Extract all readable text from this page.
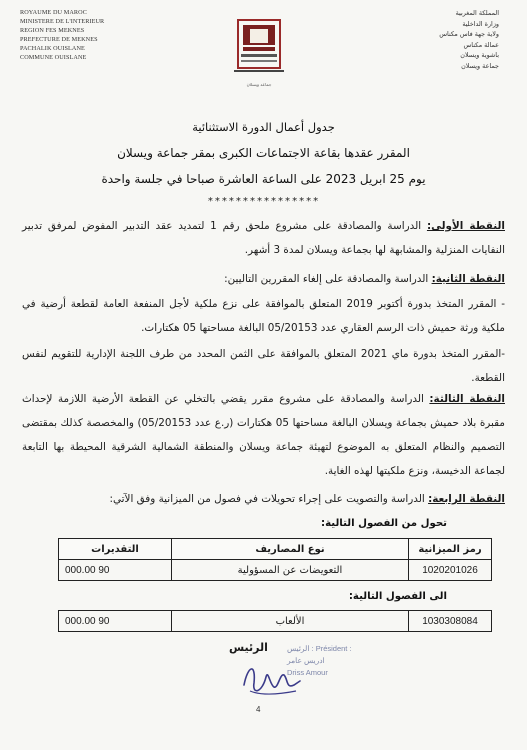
ROYAUME DU MAROC
MINISTERE DE L'INTERIEUR
REGION FES MEKNES
PREFECTURE DE MEKNES
PACHALIK OUISLANE
COMMUNE OUISLANE
جماعة ويسلان
المملكة المغربية
وزارة الداخلية
ولاية جهة فاس مكناس
عمالة مكناس
باشوية ويسلان
جماعة ويسلان
جدول أعمال الدورة الاستثنائية
المقرر عقدها بقاعة الاجتماعات الكبرى بمقر جماعة ويسلان
يوم 25 ابريل 2023 على الساعة العاشرة صباحا في جلسة واحدة
****************
النقطة الأولى: الدراسة والمصادقة على مشروع ملحق رقم 1 لتمديد عقد التدبير المفوض لمرفق تدبير النفايات المنزلية والمشابهة لها بجماعة ويسلان لمدة 3 أشهر.
النقطة الثانية: الدراسة والمصادقة على إلغاء المقررين التاليين:
- المقرر المتخذ بدورة أكتوبر 2019 المتعلق بالموافقة على نزع ملكية لأجل المنفعة العامة لقطعة أرضية في ملكية ورثة حميش ذات الرسم العقاري عدد 05/20153 البالغة مساحتها 05 هكتارات.
-المقرر المتخذ بدورة ماي 2021 المتعلق بالموافقة على الثمن المحدد من طرف اللجنة الإدارية للتقويم لنفس القطعة.
النقطة الثالثة: الدراسة والمصادقة على مشروع مقرر يقضي بالتخلي عن القطعة الأرضية اللازمة لإحداث مقبرة بلاد حميش بجماعة ويسلان البالغة مساحتها 05 هكتارات (ر.ع عدد 05/20153) والمخصصة كذلك بمقتضى التصميم والنظام المتعلق به الموضوع لتهيئة جماعة ويسلان والمنطقة الشمالية الشرقية المحيطة بها التابعة لجماعة الدخيسة، ونزع ملكيتها لهذه الغاية.
النقطة الرابعة: الدراسة والتصويت على إجراء تحويلات في فصول من الميزانية وفق الآتي:
تحول من الفصول التالية:
رمز الميزانية	نوع المصاريف	التقديرات
1020201026	التعويضات عن المسؤولية	90 000.00
الى الفصول التالية:
1030308084	الألعاب	90 000.00
الرئيس	الرئيس : Président :
ادريس عامر
Driss Amour
4
